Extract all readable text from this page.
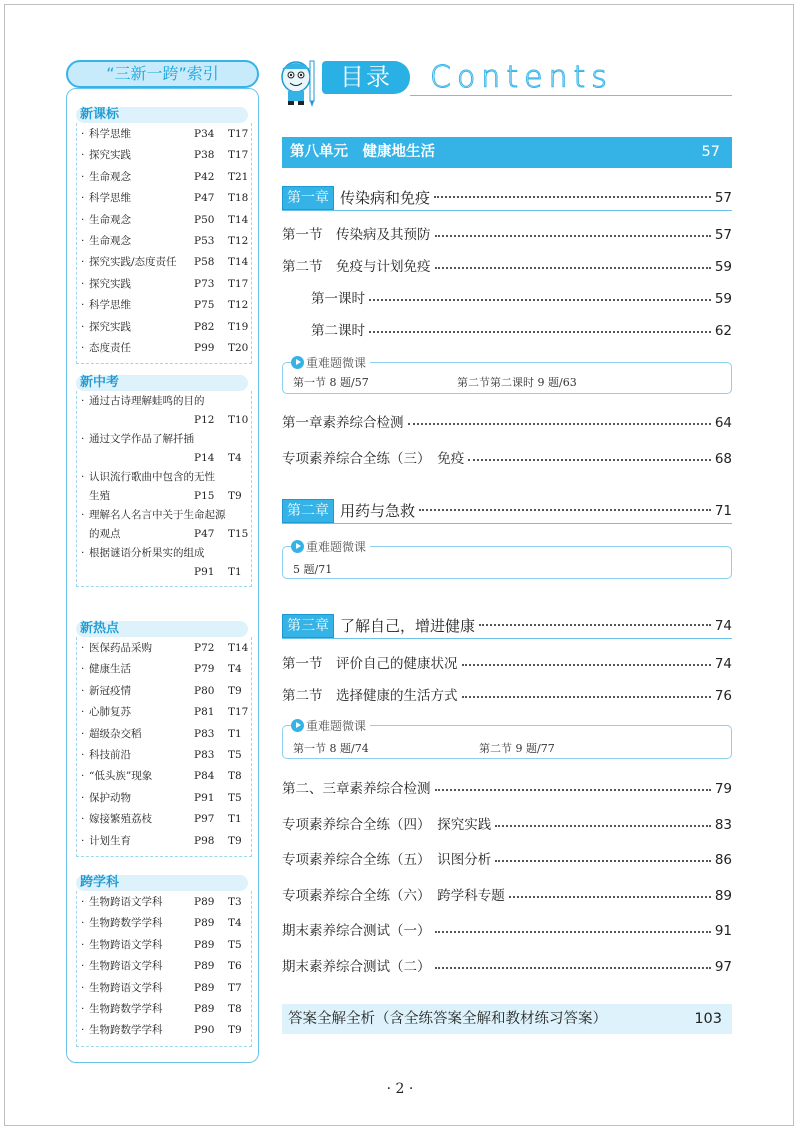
“三新一跨”索引
新课标
· 科学思维	P34 T17
· 探究实践	P38 T17
· 生命观念	P42 T21
· 科学思维	P47 T18
· 生命观念	P50 T14
· 生命观念	P53 T12
· 探究实践/态度责任 P58 T14
· 探究实践	P73 T17
· 科学思维	P75 T12
· 探究实践	P82 T19
· 态度责任	P99 T20
新中考
· 通过古诗理解蛙鸣的目的
P12 T10
· 通过文学作品了解扦插
P14 T4
· 认识流行歌曲中包含的无性
生殖	P15 T9
· 理解名人名言中关于生命起源
的观点	P47 T15
· 根据谜语分析果实的组成
P91 T1
新热点
· 医保药品采购	P72 T14
· 健康生活	P79 T4
· 新冠疫情	P80 T9
· 心肺复苏	P81 T17
· 超级杂交稻	P83 T1
· 科技前沿	P83 T5
· “低头族”现象	P84 T8
· 保护动物	P91 T5
· 嫁接繁殖荔枝	P97 T1
· 计划生育	P98 T9
跨学科
· 生物跨语文学科	P89 T3
· 生物跨数学学科	P89 T4
· 生物跨语文学科	P89 T5
· 生物跨语文学科	P89 T6
· 生物跨语文学科	P89 T7
· 生物跨数学学科	P89 T8
· 生物跨数学学科	P90 T9
目录	Contents
第八单元　健康地生活	57
第一章 传染病和免疫	57
第一节　传染病及其预防	57
第二节　免疫与计划免疫	59
第一课时	59
第二课时	62
重难题微课
第一节 8 题/57	第二节第二课时 9 题/63
第一章素养综合检测	64
专项素养综合全练（三）　免疫	68
第二章 用药与急救	71
重难题微课
5 题/71
第三章 了解自己，增进健康	74
第一节　评价自己的健康状况	74
第二节　选择健康的生活方式	76
重难题微课
第一节 8 题/74	第二节 9 题/77
第二、三章素养综合检测	79
专项素养综合全练（四）　探究实践	83
专项素养综合全练（五）　识图分析	86
专项素养综合全练（六）　跨学科专题	89
期末素养综合测试（一）	91
期末素养综合测试（二）	97
答案全解全析（含全练答案全解和教材练习答案）	103
· 2 ·
